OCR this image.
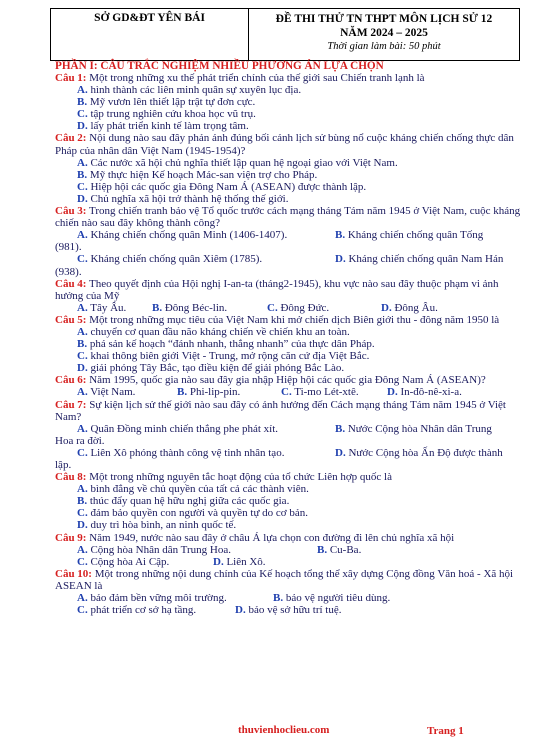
SỞ GD&ĐT YÊN BÁI	ĐỀ THI THỬ TN THPT MÔN LỊCH SỬ 12
NĂM 2024 – 2025
Thời gian làm bài: 50 phút
PHẦN I: CÂU TRẮC NGHIỆM NHIỀU PHƯƠNG ÁN LỰA CHỌN
Câu 1: Một trong những xu thế phát triển chính của thế giới sau Chiến tranh lạnh là
A. hình thành các liên minh quân sự xuyên lục địa.
B. Mỹ vươn lên thiết lập trật tự đơn cực.
C. tập trung nghiên cứu khoa học vũ trụ.
D. lấy phát triển kinh tế làm trọng tâm.
Câu 2: Nội dung nào sau đây phản ánh đúng bối cảnh lịch sử bùng nổ cuộc kháng chiến chống thực dân Pháp của nhân dân Việt Nam (1945-1954)?
A. Các nước xã hội chủ nghĩa thiết lập quan hệ ngoại giao với Việt Nam.
B. Mỹ thực hiện Kế hoạch Mác-san viện trợ cho Pháp.
C. Hiệp hội các quốc gia Đông Nam Á (ASEAN) được thành lập.
D. Chủ nghĩa xã hội trở thành hệ thống thế giới.
Câu 3: Trong chiến tranh bảo vệ Tổ quốc trước cách mạng tháng Tám năm 1945 ở Việt Nam, cuộc kháng chiến nào sau đây không thành công?
A. Kháng chiến chống quân Minh (1406-1407).	B. Kháng chiến chống quân Tống
(981).
C. Kháng chiến chống quân Xiêm (1785).	D. Kháng chiến chống quân Nam Hán
(938).
Câu 4: Theo quyết định của Hội nghị I-an-ta (tháng2-1945), khu vực nào sau đây thuộc phạm vi ảnh hưởng của Mỹ
A. Tây Âu.	B. Đông Béc-lin.	C. Đông Đức.	D. Đông Âu.
Câu 5: Một trong những mục tiêu của Việt Nam khi mở chiến dịch Biên giới thu - đông năm 1950 là
A. chuyển cơ quan đầu não kháng chiến về chiến khu an toàn.
B. phá sản kế hoạch “đánh nhanh, thắng nhanh” của thực dân Pháp.
C. khai thông biên giới Việt - Trung, mở rộng căn cứ địa Việt Bắc.
D. giải phóng Tây Bắc, tạo điều kiện để giải phóng Bắc Lào.
Câu 6: Năm 1995, quốc gia nào sau đây gia nhập Hiệp hội các quốc gia Đông Nam Á (ASEAN)?
A. Việt Nam.	B. Phi-lip-pin.	C. Ti-mo Lét-xtê.	D. In-đô-nê-xi-a.
Câu 7: Sự kiện lịch sử thế giới nào sau đây có ảnh hưởng đến Cách mạng tháng Tám năm 1945 ở Việt Nam?
A. Quân Đồng minh chiến thắng phe phát xít.	B. Nước Cộng hòa Nhân dân Trung
Hoa ra đời.
C. Liên Xô phóng thành công vệ tinh nhân tạo.	D. Nước Cộng hòa Ấn Độ được thành
lập.
Câu 8: Một trong những nguyên tắc hoạt động của tổ chức Liên hợp quốc là
A. bình đẳng về chủ quyền của tất cả các thành viên.
B. thúc đẩy quan hệ hữu nghị giữa các quốc gia.
C. đảm bảo quyền con người và quyền tự do cơ bản.
D. duy trì hòa bình, an ninh quốc tế.
Câu 9: Năm 1949, nước nào sau đây ở châu Á lựa chọn con đường đi lên chủ nghĩa xã hội
A. Cộng hòa Nhân dân Trung Hoa.	B. Cu-Ba.
C. Cộng hòa Ai Cập.	D. Liên Xô.
Câu 10: Một trong những nội dung chính của Kế hoạch tổng thể xây dựng Cộng đồng Văn hoá - Xã hội ASEAN là
A. bảo đảm bền vững môi trường.	B. bảo vệ người tiêu dùng.
C. phát triển cơ sở hạ tầng.	D. bảo vệ sở hữu trí tuệ.
thuvienhoclieu.com	Trang 1
